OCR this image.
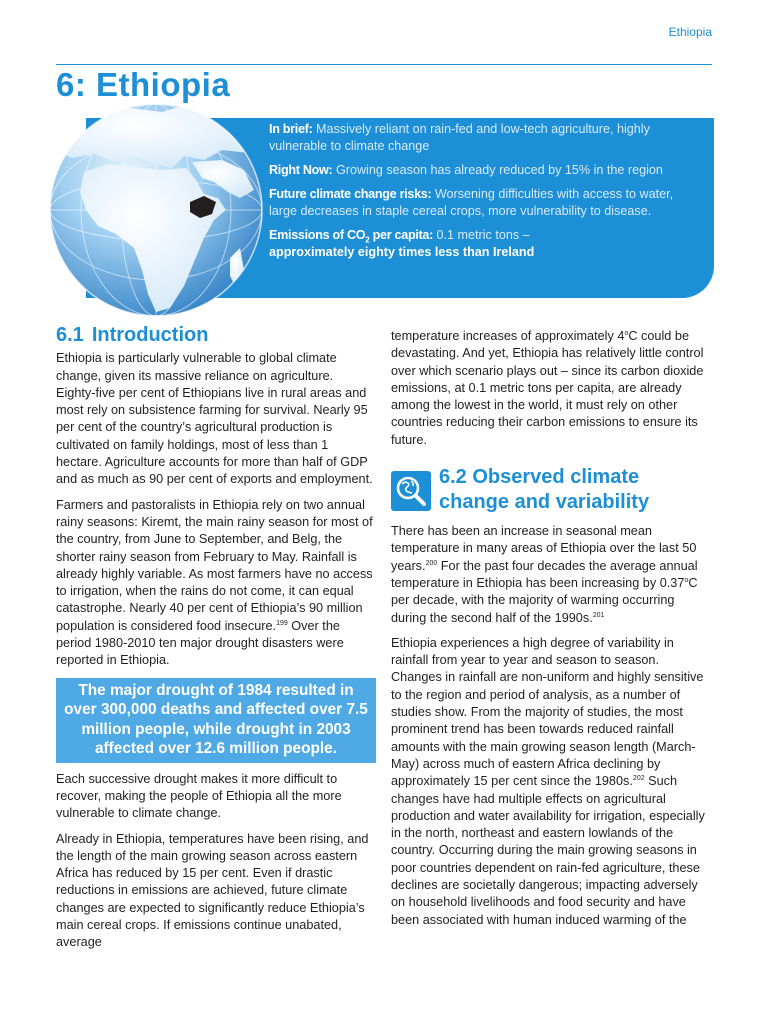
Ethiopia
6: Ethiopia

In brief: Massively reliant on rain-fed and low-tech agriculture, highly vulnerable to climate change

Right Now: Growing season has already reduced by 15% in the region

Future climate change risks: Worsening difficulties with access to water, large decreases in staple cereal crops, more vulnerability to disease.

Emissions of $CO_2$ per capita: 0.1 metric tons –
approximately eighty times less than Ireland

6.1 Introduction

Ethiopia is particularly vulnerable to global climate change, given its massive reliance on agriculture. Eighty-five per cent of Ethiopians live in rural areas and most rely on subsistence farming for survival. Nearly 95 per cent of the country’s agricultural production is cultivated on family holdings, most of less than 1 hectare. Agriculture accounts for more than half of GDP and as much as 90 per cent of exports and employment.

Farmers and pastoralists in Ethiopia rely on two annual rainy seasons: Kiremt, the main rainy season for most of the country, from June to September, and Belg, the shorter rainy season from February to May. Rainfall is already highly variable. As most farmers have no access to irrigation, when the rains do not come, it can equal catastrophe. Nearly 40 per cent of Ethiopia’s 90 million population is considered food insecure.$^{199}$ Over the period 1980-2010 ten major drought disasters were reported in Ethiopia.

The major drought of 1984 resulted in over 300,000 deaths and affected over 7.5 million people, while drought in 2003 affected over 12.6 million people.

Each successive drought makes it more difficult to recover, making the people of Ethiopia all the more vulnerable to climate change.

Already in Ethiopia, temperatures have been rising, and the length of the main growing season across eastern Africa has reduced by 15 per cent. Even if drastic reductions in emissions are achieved, future climate changes are expected to significantly reduce Ethiopia’s main cereal crops. If emissions continue unabated, average

temperature increases of approximately 4$^o$C could be devastating. And yet, Ethiopia has relatively little control over which scenario plays out – since its carbon dioxide emissions, at 0.1 metric tons per capita, are already among the lowest in the world, it must rely on other countries reducing their carbon emissions to ensure its future.

6.2 Observed climate
change and variability

There has been an increase in seasonal mean temperature in many areas of Ethiopia over the last 50 years.$^{200}$ For the past four decades the average annual temperature in Ethiopia has been increasing by 0.37$^o$C per decade, with the majority of warming occurring during the second half of the 1990s.$^{201}$

Ethiopia experiences a high degree of variability in rainfall from year to year and season to season. Changes in rainfall are non-uniform and highly sensitive to the region and period of analysis, as a number of studies show. From the majority of studies, the most prominent trend has been towards reduced rainfall amounts with the main growing season length (March-May) across much of eastern Africa declining by approximately 15 per cent since the 1980s.$^{202}$ Such changes have had multiple effects on agricultural production and water availability for irrigation, especially in the north, northeast and eastern lowlands of the country. Occurring during the main growing seasons in poor countries dependent on rain-fed agriculture, these declines are societally dangerous; impacting adversely on household livelihoods and food security and have been associated with human induced warming of the
